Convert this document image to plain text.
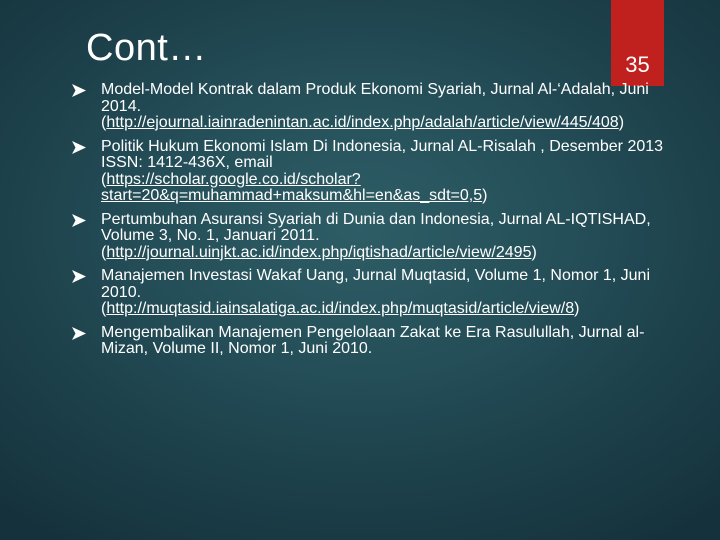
Cont…	35
Model-Model Kontrak dalam Produk Ekonomi Syariah, Jurnal Al-‘Adalah, Juni 2014.
(http://ejournal.iainradenintan.ac.id/index.php/adalah/article/view/445/408)
Politik Hukum Ekonomi Islam Di Indonesia, Jurnal AL-Risalah , Desember 2013 ISSN: 1412-436X, email
(https://scholar.google.co.id/scholar?start=20&q=muhammad+maksum&hl=en&as_sdt=0,5)
Pertumbuhan Asuransi Syariah di Dunia dan Indonesia, Jurnal AL-IQTISHAD, Volume 3, No. 1, Januari 2011.
(http://journal.uinjkt.ac.id/index.php/iqtishad/article/view/2495)
Manajemen Investasi Wakaf Uang, Jurnal Muqtasid, Volume 1, Nomor 1, Juni 2010.
(http://muqtasid.iainsalatiga.ac.id/index.php/muqtasid/article/view/8)
Mengembalikan Manajemen Pengelolaan Zakat ke Era Rasulullah, Jurnal al-Mizan, Volume II, Nomor 1, Juni 2010.
